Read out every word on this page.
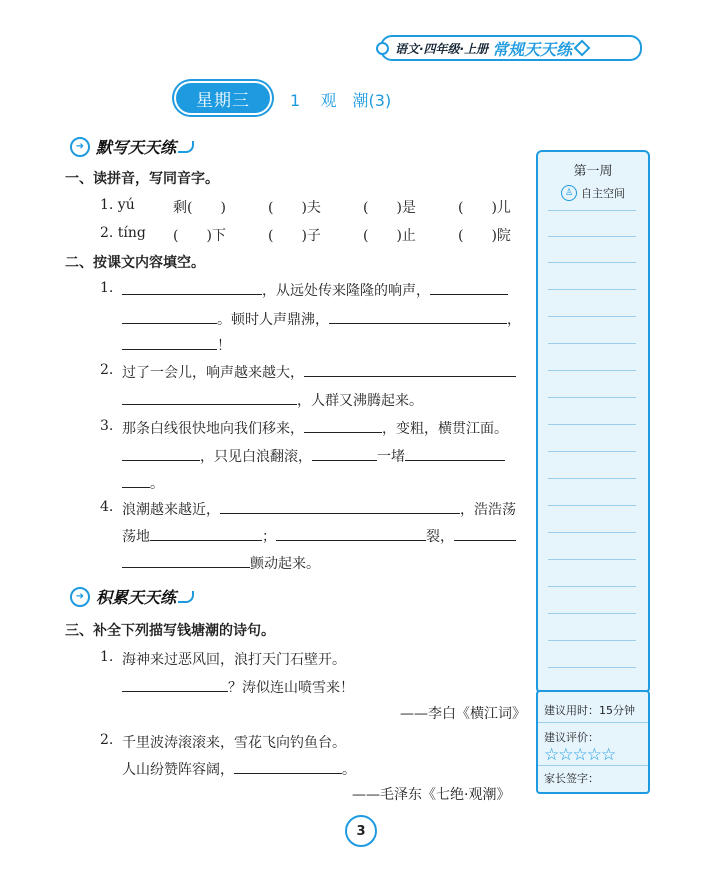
语文·四年级·上册 常规天天练
星期三	1 观　潮(3)
➜ 默写天天练
一、读拼音，写同音字。
1. yú	剩(　　)	(　　)夫	(　　)是	(　　)儿
2. tíng (　　)下	(　　)子	(　　)止	(　　)院
二、按课文内容填空。
1.	，从远处传来隆隆的响声，
。顿时人声鼎沸，	，
！
2. 过了一会儿，响声越来越大，
，人群又沸腾起来。
3. 那条白线很快地向我们移来，	，变粗，横贯江面。
，只见白浪翻滚，	一堵
。
4. 浪潮越来越近，	，浩浩荡
荡地	；	裂，
颤动起来。
➜ 积累天天练
三、补全下列描写钱塘潮的诗句。
1. 海神来过恶风回，浪打天门石壁开。
？涛似连山喷雪来！
——李白《横江词》
2. 千里波涛滚滚来，雪花飞向钓鱼台。
人山纷赞阵容阔，	。
——毛泽东《七绝·观潮》
第一周
♙ 自主空间
建议用时：15分钟
建议评价：
☆☆☆☆☆
家长签字：
3
